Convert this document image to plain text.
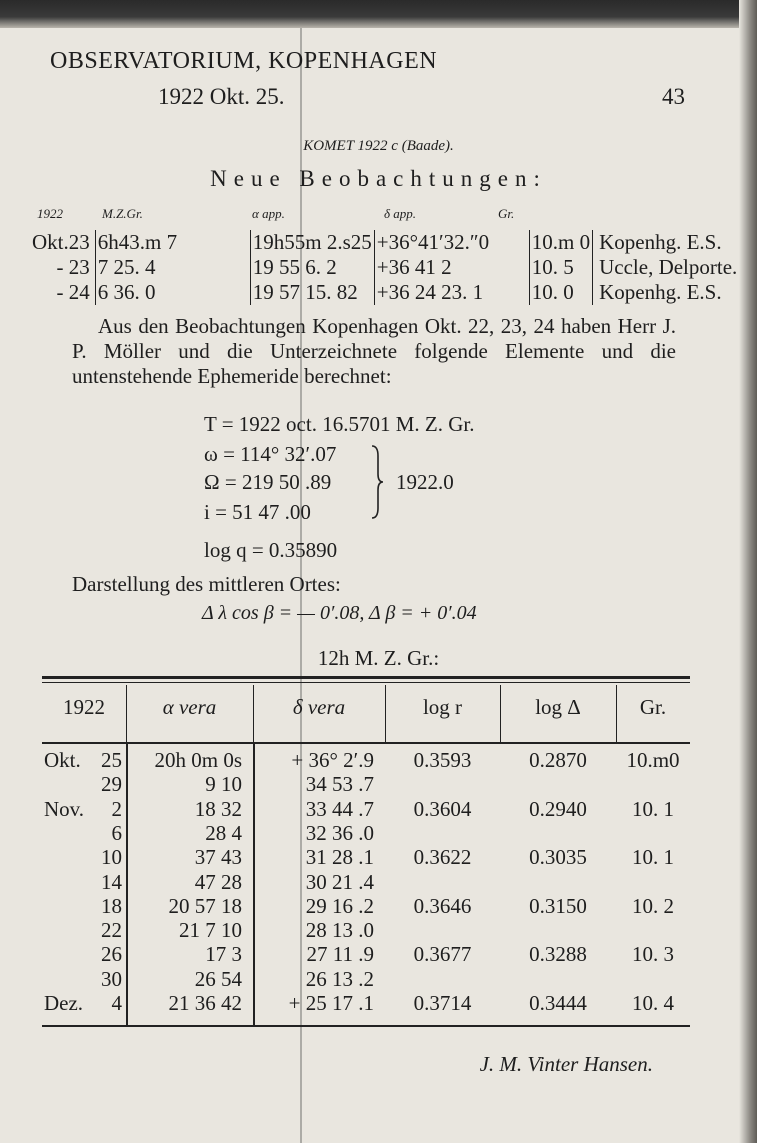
OBSERVATORIUM, KOPENHAGEN
1922 Okt. 25.	43
KOMET 1922 c (Baade).
Neue Beobachtungen:
1922	M.Z.Gr.	α app.	δ app.	Gr.
Okt.23	6h43.m 7	19h55m 2.s25	+36°41′32.″0	10.m 0	Kopenhg. E.S.
- 23	7 25. 4	19 55 6. 2	+36 41 2	10. 5	Uccle, Delporte.
- 24	6 36. 0	19 57 15. 82	+36 24 23. 1	10. 0	Kopenhg. E.S.
Aus den Beobachtungen Kopenhagen Okt. 22, 23, 24 haben Herr J. P. Möller und die Unterzeichnete folgende Elemente und die untenstehende Ephemeride berechnet:
T = 1922 oct. 16.5701 M. Z. Gr.
ω = 114° 32′.07
Ω = 219 50 .89
i = 51 47 .00
1922.0
log q = 0.35890
Darstellung des mittleren Ortes:
Δ λ cos β = — 0′.08, Δ β = + 0′.04
12h M. Z. Gr.:
1922	α vera	δ vera	log r	log Δ	Gr.
Okt. 25	20h 0m 0s	+ 36° 2′.9	0.3593	0.2870	10.m0
29	9 10	34 53 .7
Nov.	2	18 32	33 44 .7	0.3604	0.2940	10. 1
6	28 4	32 36 .0
10	37 43	31 28 .1	0.3622	0.3035	10. 1
14	47 28	30 21 .4
18	20 57 18	29 16 .2	0.3646	0.3150	10. 2
22	21 7 10	28 13 .0
26	17 3	27 11 .9	0.3677	0.3288	10. 3
30	26 54	26 13 .2
Dez.	4	21 36 42	+ 25 17 .1	0.3714	0.3444	10. 4
J. M. Vinter Hansen.
